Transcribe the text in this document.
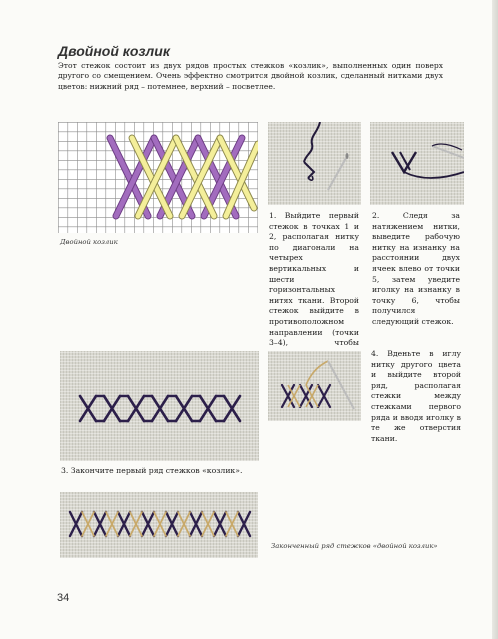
Двойной козлик
Этот стежок состоит из двух рядов простых стежков «козлик», выполненных один поверх другого со смещением. Очень эффектно смотрится двойной козлик, сделанный нитками двух цветов: нижний ряд – потемнее, верхний – посветлее.
Двойной козлик
1. Выйдите первый стежок в точках 1 и 2, располагая нитку по диагонали на четырех вертикальных и шести горизонтальных нитях ткани. Второй стежок выйдите в противоположном направлении (точки 3–4), чтобы
2. Следя за натяжением нитки, выведите рабочую нитку на изнанку на расстоянии двух ячеек влево от точки 5, затем уведите иголку на изнанку в точку 6, чтобы получился следующий стежок.
3. Закончите первый ряд стежков «козлик».
4. Вденьте в иглу нитку другого цвета и выйдите второй ряд, располагая стежки между стежками первого ряда и вводя иголку в те же отверстия ткани.
Законченный ряд стежков «двойной козлик»
34
